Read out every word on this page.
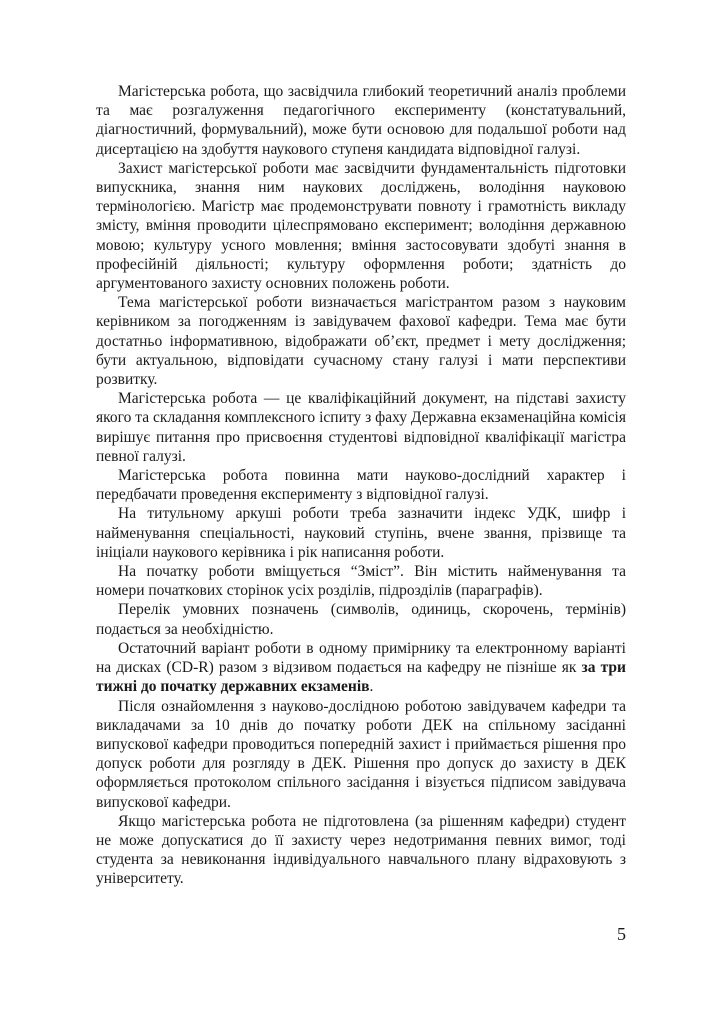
Магістерська робота, що засвідчила глибокий теоретичний аналіз проблеми та має розгалуження педагогічного експерименту (констатувальний, діагностичний, формувальний), може бути основою для подальшої роботи над дисертацією на здобуття наукового ступеня кандидата відповідної галузі.

Захист магістерської роботи має засвідчити фундаментальність підготовки випускника, знання ним наукових досліджень, володіння науковою термінологією. Магістр має продемонструвати повноту і грамотність викладу змісту, вміння проводити цілеспрямовано експеримент; володіння державною мовою; культуру усного мовлення; вміння застосовувати здобуті знання в професійній діяльності; культуру оформлення роботи; здатність до аргументованого захисту основних положень роботи.

Тема магістерської роботи визначається магістрантом разом з науковим керівником за погодженням із завідувачем фахової кафедри. Тема має бути достатньо інформативною, відображати об’єкт, предмет і мету дослідження; бути актуальною, відповідати сучасному стану галузі і мати перспективи розвитку.

Магістерська робота — це кваліфікаційний документ, на підставі захисту якого та складання комплексного іспиту з фаху Державна екзаменаційна комісія вирішує питання про присвоєння студентові відповідної кваліфікації магістра певної галузі.

Магістерська робота повинна мати науково-дослідний характер і передбачати проведення експерименту з відповідної галузі.

На титульному аркуші роботи треба зазначити індекс УДК, шифр і найменування спеціальності, науковий ступінь, вчене звання, прізвище та ініціали наукового керівника і рік написання роботи.

На початку роботи вміщується “Зміст”. Він містить найменування та номери початкових сторінок усіх розділів, підрозділів (параграфів).

Перелік умовних позначень (символів, одиниць, скорочень, термінів) подається за необхідністю.

Остаточний варіант роботи в одному примірнику та електронному варіанті на дисках (CD-R) разом з відзивом подається на кафедру не пізніше як за три тижні до початку державних екзаменів.

Після ознайомлення з науково-дослідною роботою завідувачем кафедри та викладачами за 10 днів до початку роботи ДЕК на спільному засіданні випускової кафедри проводиться попередній захист і приймається рішення про допуск роботи для розгляду в ДЕК. Рішення про допуск до захисту в ДЕК оформляється протоколом спільного засідання і візується підписом завідувача випускової кафедри.

Якщо магістерська робота не підготовлена (за рішенням кафедри) студент не може допускатися до її захисту через недотримання певних вимог, тоді студента за невиконання індивідуального навчального плану відраховують з університету.

5
